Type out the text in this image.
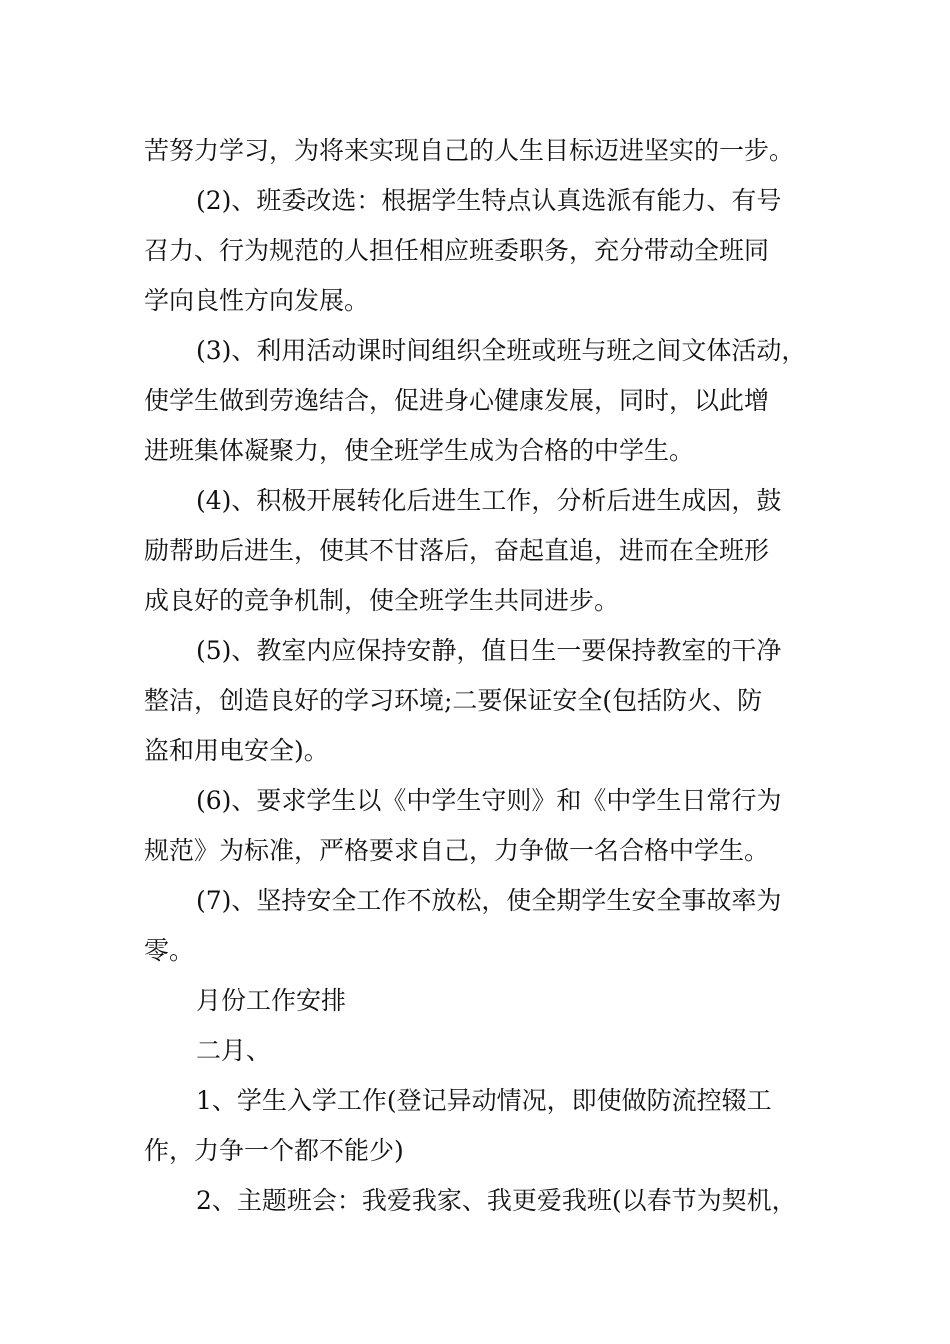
苦努力学习，为将来实现自己的人生目标迈进坚实的一步。
(2)、班委改选：根据学生特点认真选派有能力、有号
召力、行为规范的人担任相应班委职务，充分带动全班同
学向良性方向发展。
(3)、利用活动课时间组织全班或班与班之间文体活动，
使学生做到劳逸结合，促进身心健康发展，同时，以此增
进班集体凝聚力，使全班学生成为合格的中学生。
(4)、积极开展转化后进生工作，分析后进生成因，鼓
励帮助后进生，使其不甘落后，奋起直追，进而在全班形
成良好的竞争机制，使全班学生共同进步。
(5)、教室内应保持安静，值日生一要保持教室的干净
整洁，创造良好的学习环境;二要保证安全(包括防火、防
盗和用电安全)。
(6)、要求学生以《中学生守则》和《中学生日常行为
规范》为标准，严格要求自己，力争做一名合格中学生。
(7)、坚持安全工作不放松，使全期学生安全事故率为
零。
月份工作安排
二月、
1、学生入学工作(登记异动情况，即使做防流控辍工
作，力争一个都不能少)
2、主题班会：我爱我家、我更爱我班(以春节为契机，
